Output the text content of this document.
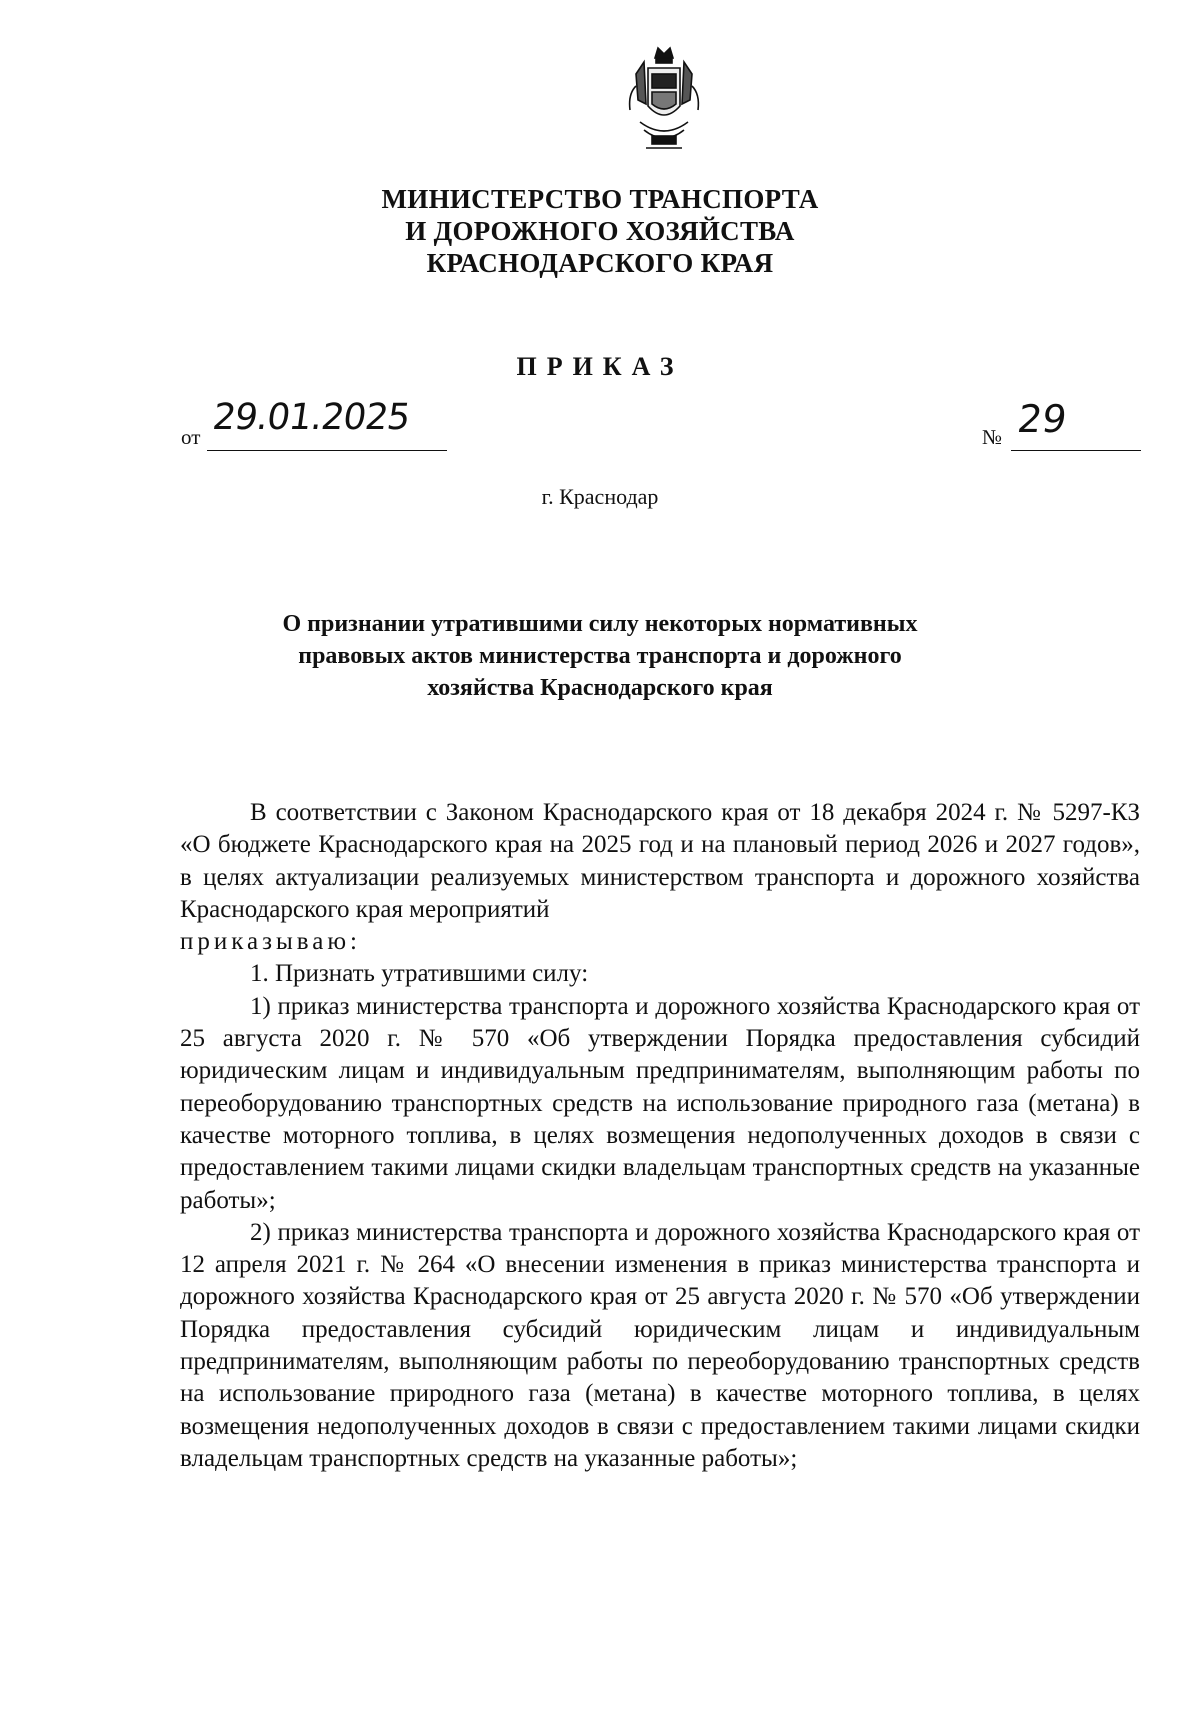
МИНИСТЕРСТВО ТРАНСПОРТА
И ДОРОЖНОГО ХОЗЯЙСТВА
КРАСНОДАРСКОГО КРАЯ
ПРИКАЗ
от 29.01.2025	№ 29
г. Краснодар
О признании утратившими силу некоторых нормативных
правовых актов министерства транспорта и дорожного
хозяйства Краснодарского края

В соответствии с Законом Краснодарского края от 18 декабря 2024 г. № 5297-КЗ «О бюджете Краснодарского края на 2025 год и на плановый период 2026 и 2027 годов», в целях актуализации реализуемых министерством транспорта и дорожного хозяйства Краснодарского края мероприятий

приказываю:

1. Признать утратившими силу:

1) приказ министерства транспорта и дорожного хозяйства Краснодарского края от 25 августа 2020 г. № 570 «Об утверждении Порядка предоставления субсидий юридическим лицам и индивидуальным предпринимателям, выполняющим работы по переоборудованию транспортных средств на использование природного газа (метана) в качестве моторного топлива, в целях возмещения недополученных доходов в связи с предоставлением такими лицами скидки владельцам транспортных средств на указанные работы»;

2) приказ министерства транспорта и дорожного хозяйства Краснодарского края от 12 апреля 2021 г. № 264 «О внесении изменения в приказ министерства транспорта и дорожного хозяйства Краснодарского края от 25 августа 2020 г. № 570 «Об утверждении Порядка предоставления субсидий юридическим лицам и индивидуальным предпринимателям, выполняющим работы по переоборудованию транспортных средств на использование природного газа (метана) в качестве моторного топлива, в целях возмещения недополученных доходов в связи с предоставлением такими лицами скидки владельцам транспортных средств на указанные работы»;
